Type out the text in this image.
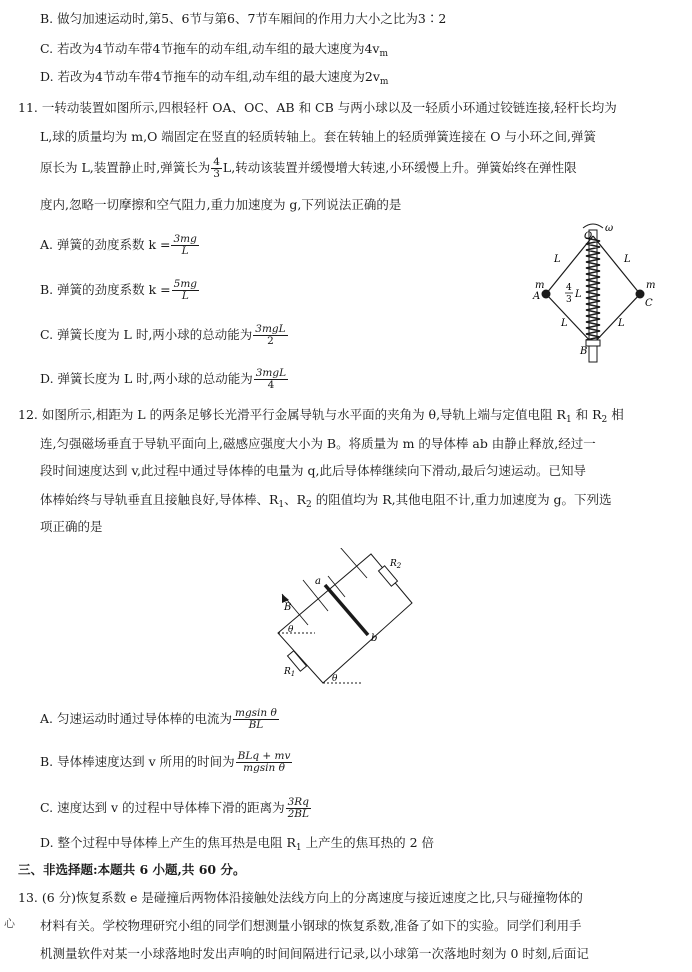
B. 做匀加速运动时,第5、6节与第6、7节车厢间的作用力大小之比为3∶2
C. 若改为4节动车带4节拖车的动车组,动车组的最大速度为$4v_m$
D. 若改为4节动车带4节拖车的动车组,动车组的最大速度为$2v_m$
11. 一转动装置如图所示,四根轻杆 OA、OC、AB 和 CB 与两小球以及一轻质小环通过铰链连接,轻杆长均为
L,球的质量均为 m,O 端固定在竖直的轻质转轴上。套在转轴上的轻质弹簧连接在 O 与小环之间,弹簧
原长为 L,装置静止时,弹簧长为 $\frac{4}{3} L$,转动该装置并缓慢增大转速,小环缓慢上升。弹簧始终在弹性限
度内,忽略一切摩擦和空气阻力,重力加速度为 g,下列说法正确的是
A. 弹簧的劲度系数 $k = \frac{3mg}{L}$
B. 弹簧的劲度系数 $k = \frac{5mg}{L}$
C. 弹簧长度为 L 时,两小球的总动能为 $\frac{\text{3mgL}}{2}$
D. 弹簧长度为 L 时,两小球的总动能为 $\frac{\text{3mgL}}{4}$
ω
O
A
C
B
m	m
L	L
L	L
4
3 L
12. 如图所示,相距为 L 的两条足够长光滑平行金属导轨与水平面的夹角为 θ,导轨上端与定值电阻 $R_1$ 和 $R_2$ 相
连,匀强磁场垂直于导轨平面向上,磁感应强度大小为 B。将质量为 m 的导体棒 ab 由静止释放,经过一
段时间速度达到 v,此过程中通过导体棒的电量为 q,此后导体棒继续向下滑动,最后匀速运动。已知导
体棒始终与导轨垂直且接触良好,导体棒、$R_1$、$R_2$ 的阻值均为 R,其他电阻不计,重力加速度为 g。下列选
项正确的是
B
a
b
θ
θ
$R_2$
$R_1$
A. 匀速运动时通过导体棒的电流为 $\frac{\text{mgsin θ}}{BL}$
B. 导体棒速度达到 v 所用的时间为 $\frac{\text{BLq + mv}}{\text{mgsin θ}}$
C. 速度达到 v 的过程中导体棒下滑的距离为 $\frac{3Rq}{2BL}$
D. 整个过程中导体棒上产生的焦耳热是电阻 $R_1$ 上产生的焦耳热的 2 倍
三、非选择题:本题共 6 小题,共 60 分。
13. (6 分)恢复系数 e 是碰撞后两物体沿接触处法线方向上的分离速度与接近速度之比,只与碰撞物体的
心 材料有关。学校物理研究小组的同学们想测量小钢球的恢复系数,准备了如下的实验。同学们利用手
机测量软件对某一小球落地时发出声响的时间间隔进行记录,以小球第一次落地时刻为 0 时刻,后面记
